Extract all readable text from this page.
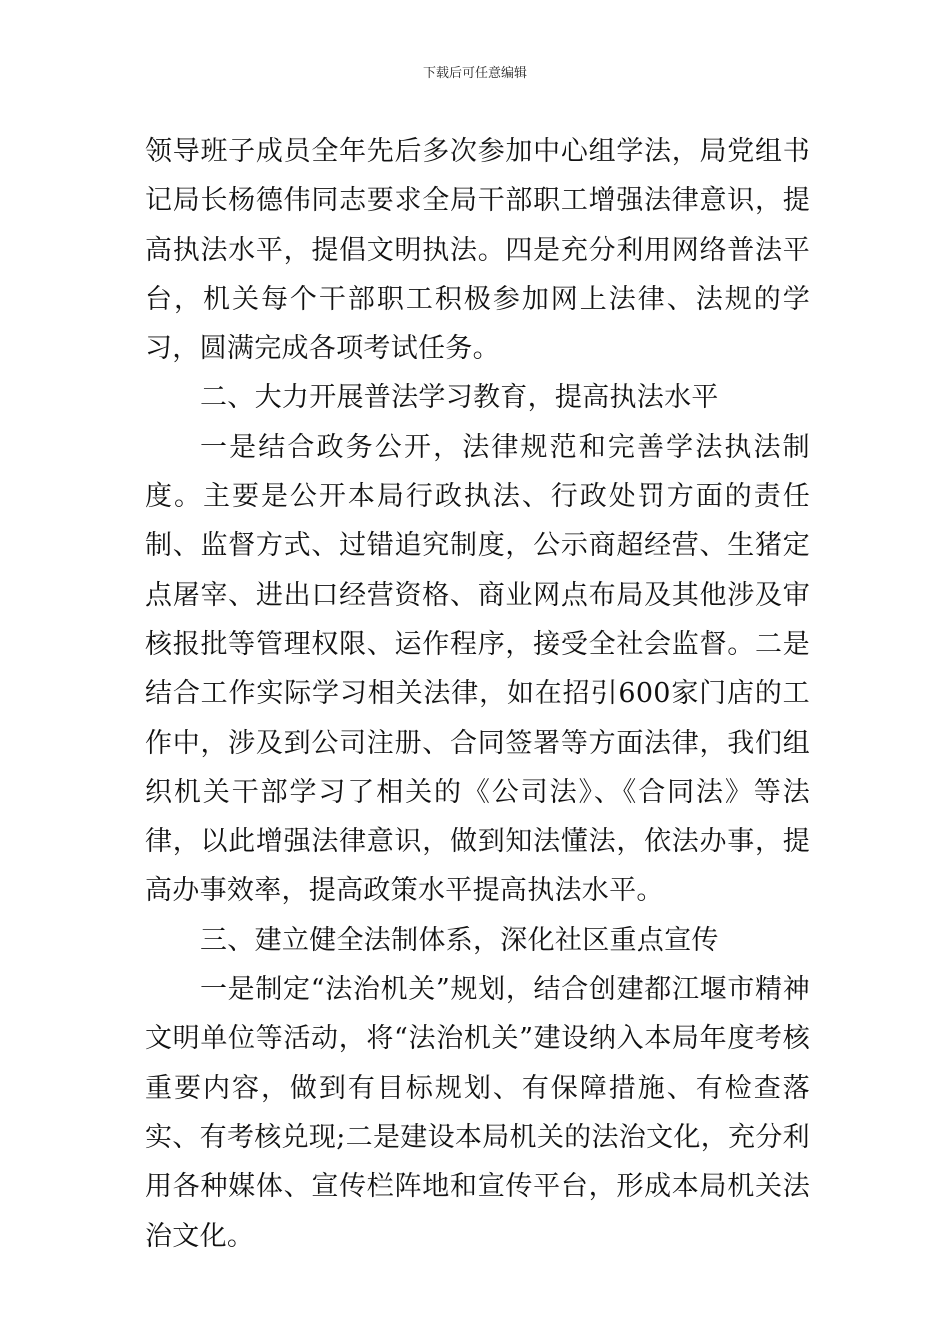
下载后可任意编辑

领导班子成员全年先后多次参加中心组学法，局党组书记局长杨德伟同志要求全局干部职工增强法律意识，提高执法水平，提倡文明执法。四是充分利用网络普法平台，机关每个干部职工积极参加网上法律、法规的学习，圆满完成各项考试任务。

二、大力开展普法学习教育，提高执法水平

一是结合政务公开，法律规范和完善学法执法制度。主要是公开本局行政执法、行政处罚方面的责任制、监督方式、过错追究制度，公示商超经营、生猪定点屠宰、进出口经营资格、商业网点布局及其他涉及审核报批等管理权限、运作程序，接受全社会监督。二是结合工作实际学习相关法律，如在招引600家门店的工作中，涉及到公司注册、合同签署等方面法律，我们组织机关干部学习了相关的《公司法》、《合同法》等法律，以此增强法律意识，做到知法懂法，依法办事，提高办事效率，提高政策水平提高执法水平。

三、建立健全法制体系，深化社区重点宣传

一是制定“法治机关”规划，结合创建都江堰市精神文明单位等活动，将“法治机关”建设纳入本局年度考核重要内容，做到有目标规划、有保障措施、有检查落实、有考核兑现;二是建设本局机关的法治文化，充分利用各种媒体、宣传栏阵地和宣传平台，形成本局机关法治文化。
